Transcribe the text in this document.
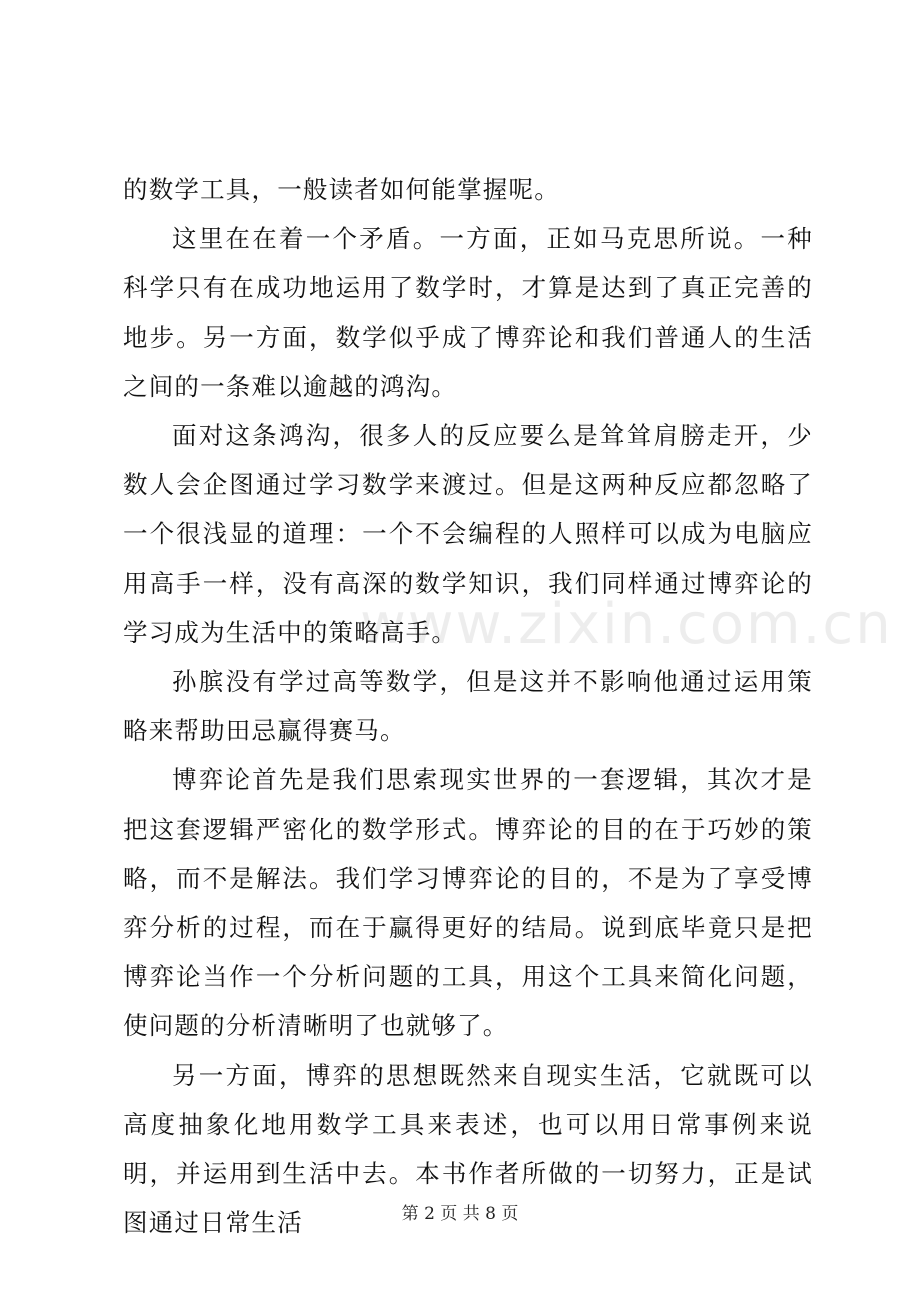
的数学工具，一般读者如何能掌握呢。

这里在在着一个矛盾。一方面，正如马克思所说。一种科学只有在成功地运用了数学时，才算是达到了真正完善的地步。另一方面，数学似乎成了博弈论和我们普通人的生活之间的一条难以逾越的鸿沟。

面对这条鸿沟，很多人的反应要么是耸耸肩膀走开，少数人会企图通过学习数学来渡过。但是这两种反应都忽略了一个很浅显的道理：一个不会编程的人照样可以成为电脑应用高手一样，没有高深的数学知识，我们同样通过博弈论的学习成为生活中的策略高手。

孙膑没有学过高等数学，但是这并不影响他通过运用策略来帮助田忌赢得赛马。

博弈论首先是我们思索现实世界的一套逻辑，其次才是把这套逻辑严密化的数学形式。博弈论的目的在于巧妙的策略，而不是解法。我们学习博弈论的目的，不是为了享受博弈分析的过程，而在于赢得更好的结局。说到底毕竟只是把博弈论当作一个分析问题的工具，用这个工具来简化问题，使问题的分析清晰明了也就够了。

另一方面，博弈的思想既然来自现实生活，它就既可以高度抽象化地用数学工具来表述，也可以用日常事例来说明，并运用到生活中去。本书作者所做的一切努力，正是试图通过日常生活

www.zixin.com.cn
第 2 页 共 8 页
